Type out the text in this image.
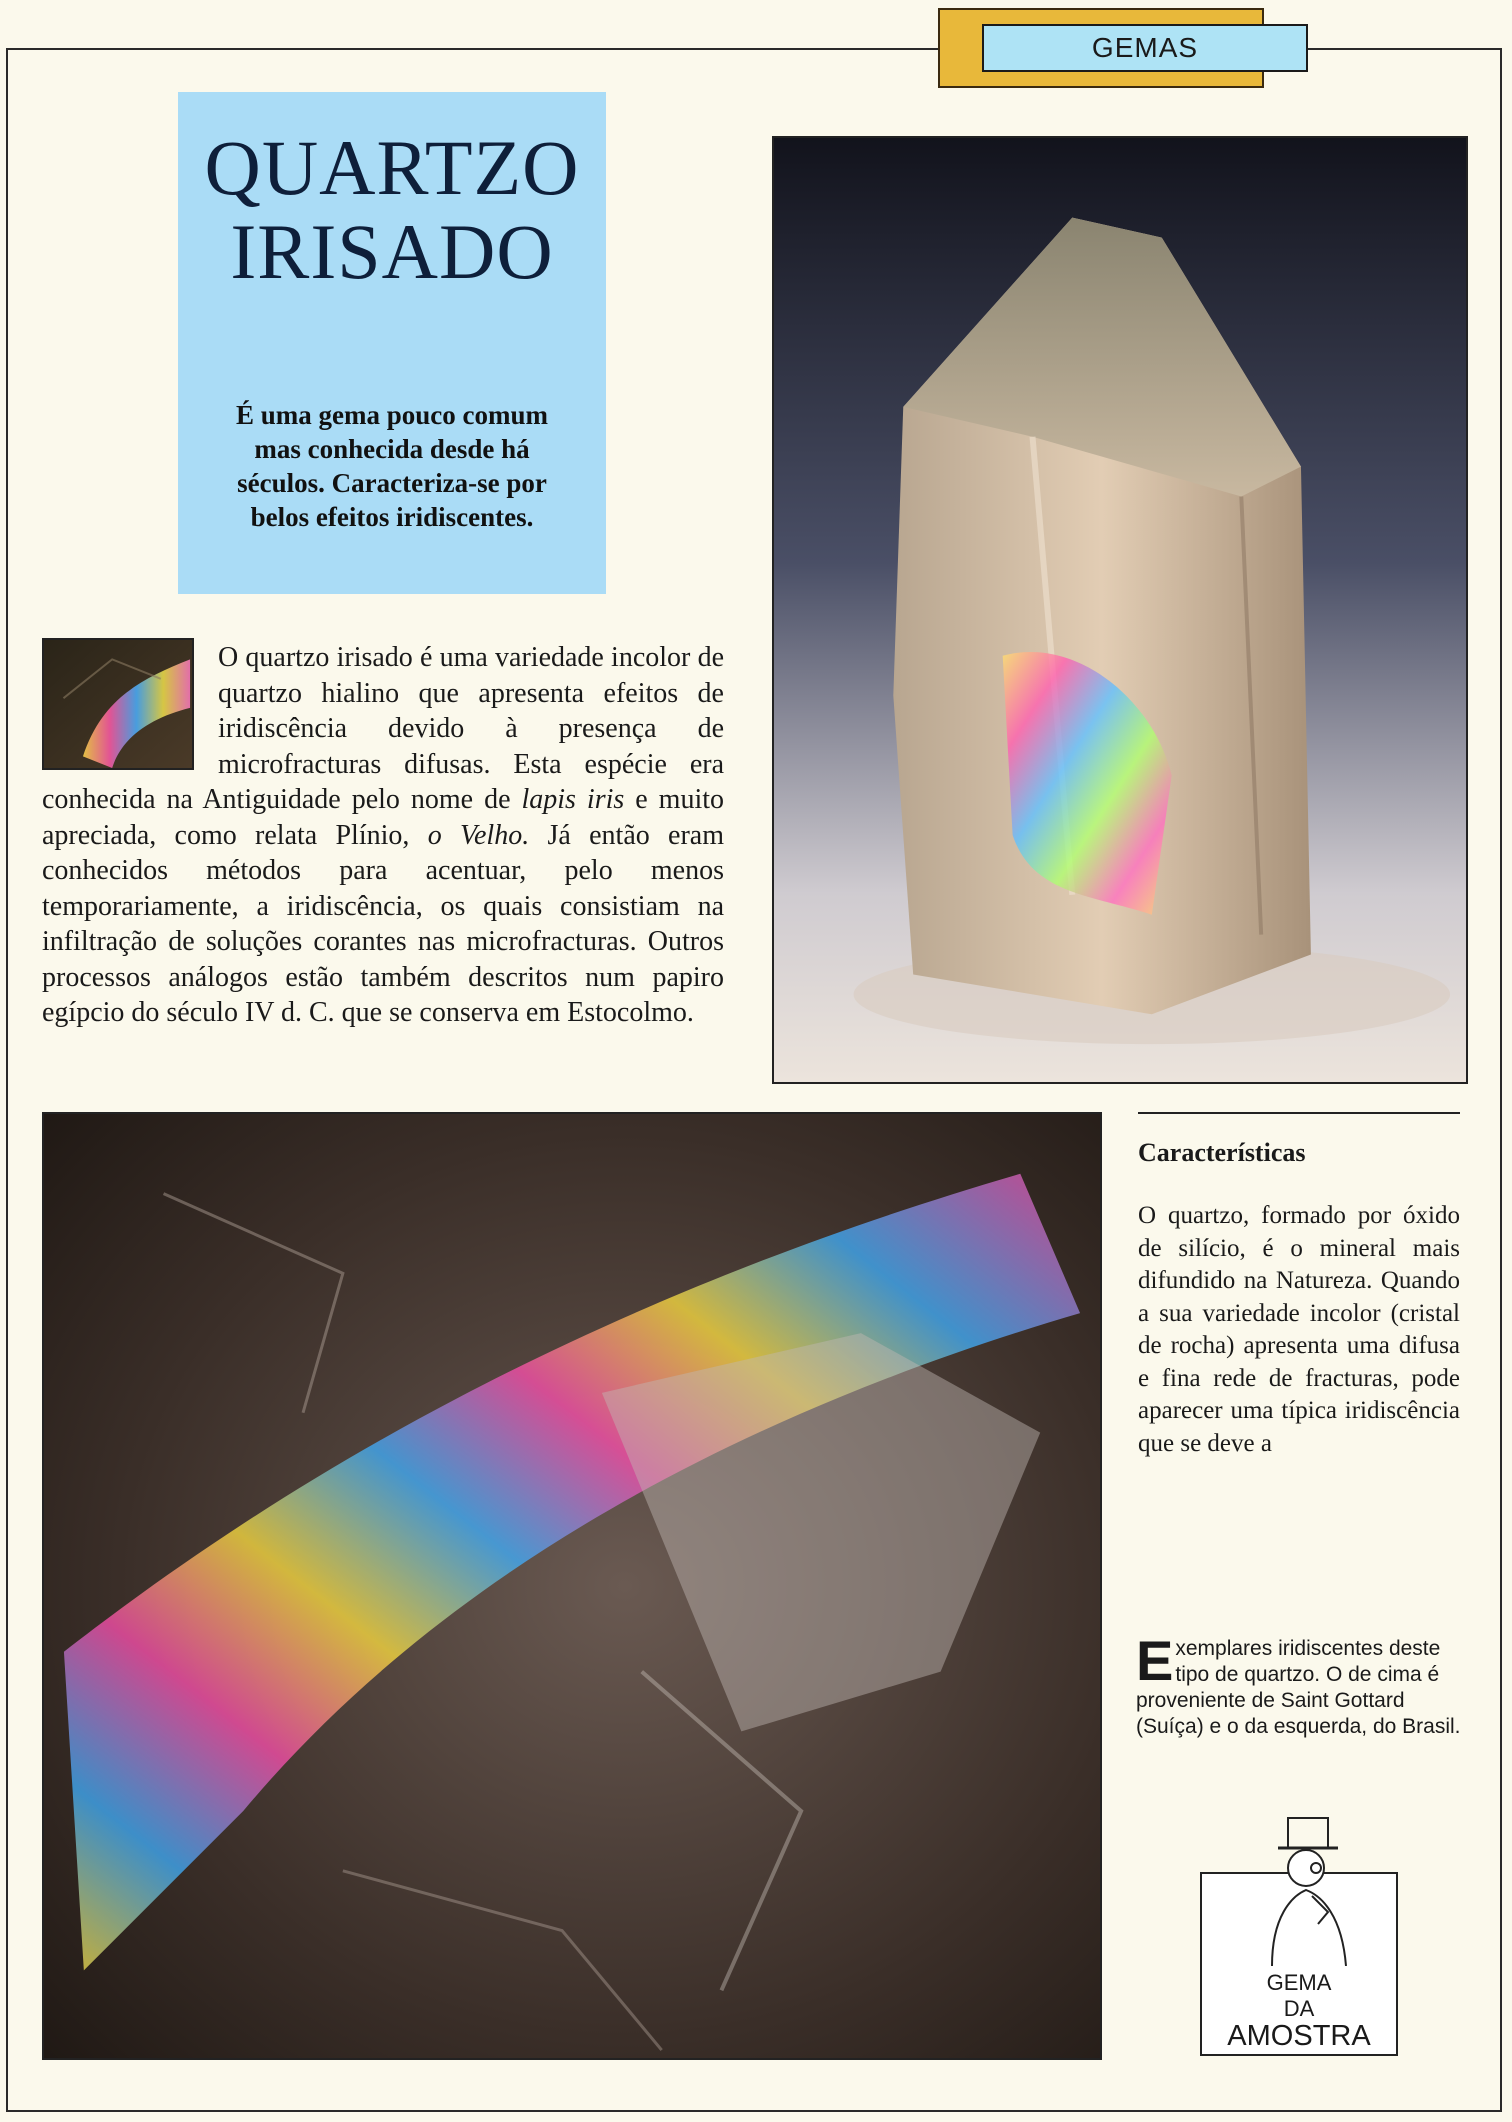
GEMAS
QUARTZO
IRISADO
É uma gema pouco comum mas conhecida desde há séculos. Caracteriza-se por belos efeitos iridiscentes.
O quartzo irisado é uma variedade incolor de quartzo hialino que apresenta efeitos de iridiscência devido à presença de microfracturas difusas. Esta espécie era conhecida na Antiguidade pelo nome de lapis iris e muito apreciada, como relata Plínio, o Velho. Já então eram conhecidos métodos para acentuar, pelo menos temporariamente, a iridiscência, os quais consistiam na infiltração de soluções corantes nas microfracturas. Outros processos análogos estão também descritos num papiro egípcio do século IV d. C. que se conserva em Estocolmo.
Características
O quartzo, formado por óxido de silício, é o mineral mais difundido na Natureza. Quando a sua variedade incolor (cristal de rocha) apresenta uma difusa e fina rede de fracturas, pode aparecer uma típica iridiscência que se deve a
Exemplares iridiscentes deste tipo de quartzo. O de cima é proveniente de Saint Gottard (Suíça) e o da esquerda, do Brasil.
GEMA
DA
AMOSTRA
